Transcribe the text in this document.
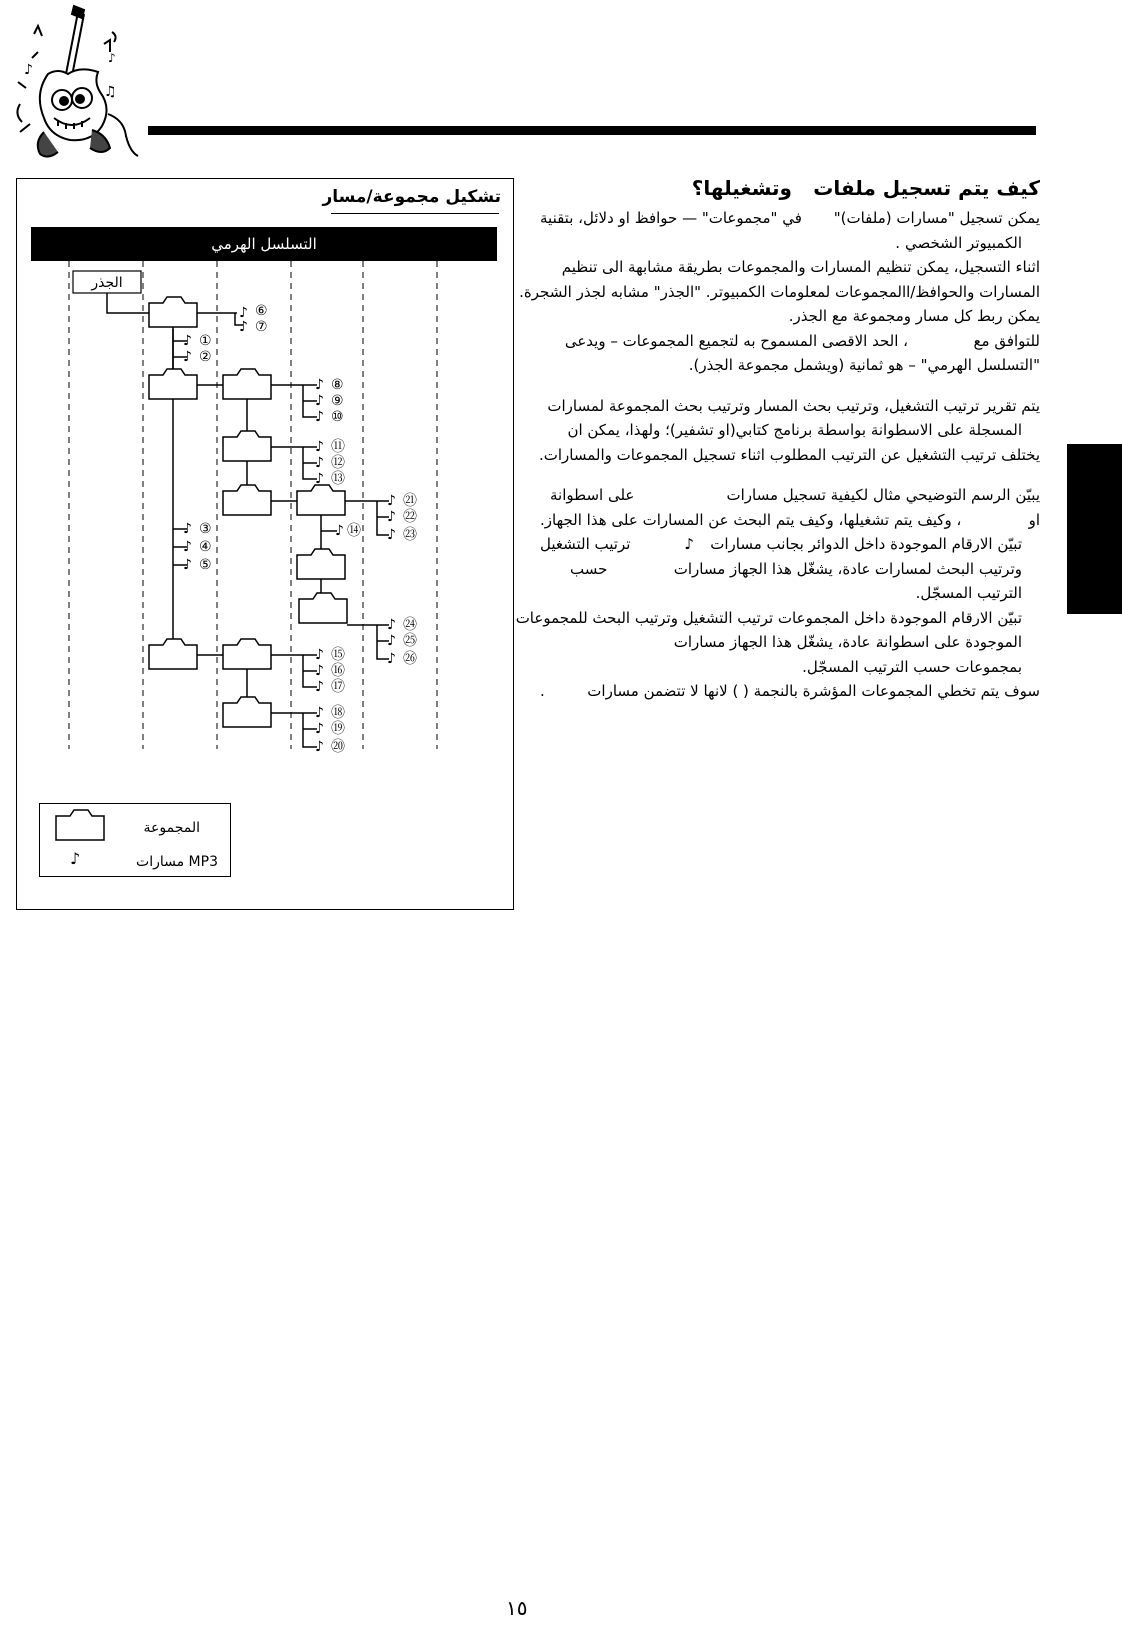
♪
♫
♪
كيف يتم تسجيل ملفات
وتشغيلها؟
يمكن تسجيل "مسارات (ملفات)"
في "مجموعات" — حوافظ او دلائل، بتقنية
الكمبيوتر الشخصي
.
اثناء التسجيل، يمكن تنظيم المسارات والمجموعات بطريقة مشابهة الى تنظيم
المسارات والحوافظ/االمجموعات لمعلومات الكمبيوتر. "الجذر" مشابه لجذر الشجرة.
يمكن ربط كل مسار ومجموعة مع الجذر.
للتوافق مع
، الحد الاقصى المسموح به لتجميع المجموعات – ويدعى
"التسلسل الهرمي" – هو ثمانية (ويشمل مجموعة الجذر).
يتم تقرير ترتيب التشغيل، وترتيب بحث المسار وترتيب بحث المجموعة لمسارات
المسجلة على الاسطوانة بواسطة برنامج كتابي(او تشفير)؛ ولهذا، يمكن ان
يختلف ترتيب التشغيل عن الترتيب المطلوب اثناء تسجيل المجموعات والمسارات.
يبيّن الرسم التوضيحي مثال لكيفية تسجيل مسارات
على اسطوانة
او
، وكيف يتم تشغيلها، وكيف يتم البحث عن المسارات على هذا الجهاز.
تبيّن الارقام الموجودة داخل الدوائر بجانب مسارات
♪
ترتيب التشغيل
وترتيب البحث لمسارات
. عادة، يشغّل هذا الجهاز مسارات
حسب
الترتيب المسجّل.
تبيّن الارقام الموجودة داخل المجموعات ترتيب التشغيل وترتيب البحث للمجموعات
الموجودة على اسطوانة
. عادة، يشغّل هذا الجهاز مسارات
بمجموعات حسب الترتيب المسجّل.
سوف يتم تخطي المجموعات المؤشرة بالنجمة ( ) لانها لا تتضمن مسارات
.
تشكيل مجموعة/مسار
التسلسل الهرمي
الجذر
♪ ⑥
♪ ⑦
♪ ①
♪ ②
♪ ⑧
♪ ⑨
♪ ⑩
♪ ⑪
♪ ⑫
♪ ⑬
♪ ⑭
♪ ③
♪ ④
♪ ⑤
♪ ㉑
♪ ㉒
♪ ㉓
♪ ㉔
♪ ㉕
♪ ㉖
♪ ⑮
♪ ⑯
♪ ⑰
♪ ⑱
♪ ⑲
♪ ⑳
المجموعة
♪	مسارات MP3
١٥
